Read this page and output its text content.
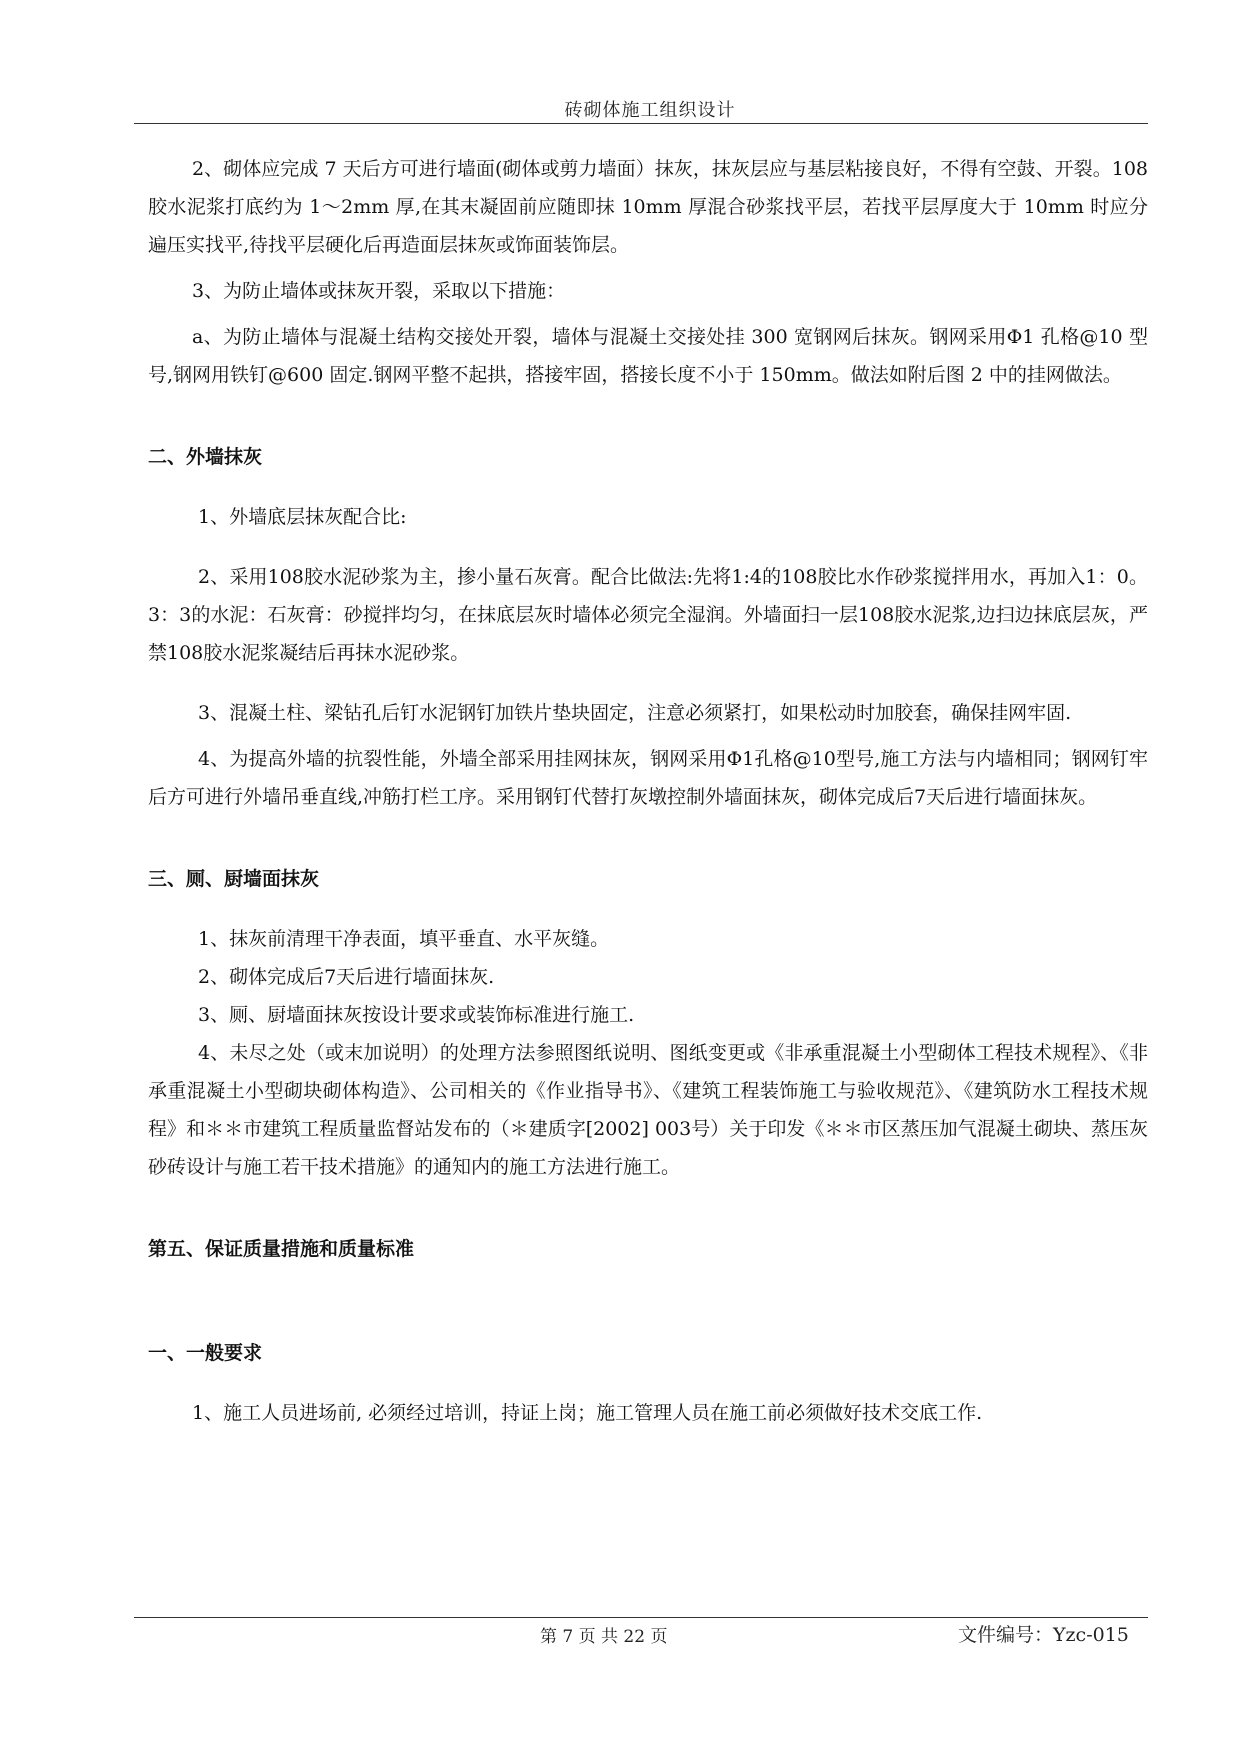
砖砌体施工组织设计

2、砌体应完成 7 天后方可进行墙面(砌体或剪力墙面）抹灰，抹灰层应与基层粘接良好，不得有空鼓、开裂。108 胶水泥浆打底约为 1～2mm 厚,在其末凝固前应随即抹 10mm 厚混合砂浆找平层，若找平层厚度大于 10mm 时应分遍压实找平,待找平层硬化后再造面层抹灰或饰面装饰层。

3、为防止墙体或抹灰开裂，采取以下措施：

a、为防止墙体与混凝土结构交接处开裂，墙体与混凝土交接处挂 300 宽钢网后抹灰。钢网采用Φ1 孔格@10 型号,钢网用铁钉@600 固定.钢网平整不起拱，搭接牢固，搭接长度不小于 150mm。做法如附后图 2 中的挂网做法。

二、外墙抹灰

1、外墙底层抹灰配合比:

2、采用108胶水泥砂浆为主，掺小量石灰膏。配合比做法:先将1:4的108胶比水作砂浆搅拌用水，再加入1：0。3：3的水泥：石灰膏：砂搅拌均匀，在抹底层灰时墙体必须完全湿润。外墙面扫一层108胶水泥浆,边扫边抹底层灰，严禁108胶水泥浆凝结后再抹水泥砂浆。

3、混凝土柱、梁钻孔后钉水泥钢钉加铁片垫块固定，注意必须紧打，如果松动时加胶套，确保挂网牢固.

4、为提高外墙的抗裂性能，外墙全部采用挂网抹灰，钢网采用Φ1孔格@10型号,施工方法与内墙相同；钢网钉牢后方可进行外墙吊垂直线,冲筋打栏工序。采用钢钉代替打灰墩控制外墙面抹灰，砌体完成后7天后进行墙面抹灰。

三、厕、厨墙面抹灰

1、抹灰前清理干净表面，填平垂直、水平灰缝。

2、砌体完成后7天后进行墙面抹灰.

3、厕、厨墙面抹灰按设计要求或装饰标准进行施工.

4、未尽之处（或末加说明）的处理方法参照图纸说明、图纸变更或《非承重混凝土小型砌体工程技术规程》、《非承重混凝土小型砌块砌体构造》、公司相关的《作业指导书》、《建筑工程装饰施工与验收规范》、《建筑防水工程技术规程》和＊＊市建筑工程质量监督站发布的（＊建质字[2002] 003号）关于印发《＊＊市区蒸压加气混凝土砌块、蒸压灰砂砖设计与施工若干技术措施》的通知内的施工方法进行施工。

第五、保证质量措施和质量标准

一、一般要求

1、施工人员进场前, 必须经过培训，持证上岗；施工管理人员在施工前必须做好技术交底工作.

第 7 页 共 22 页	文件编号：Yzc-015
